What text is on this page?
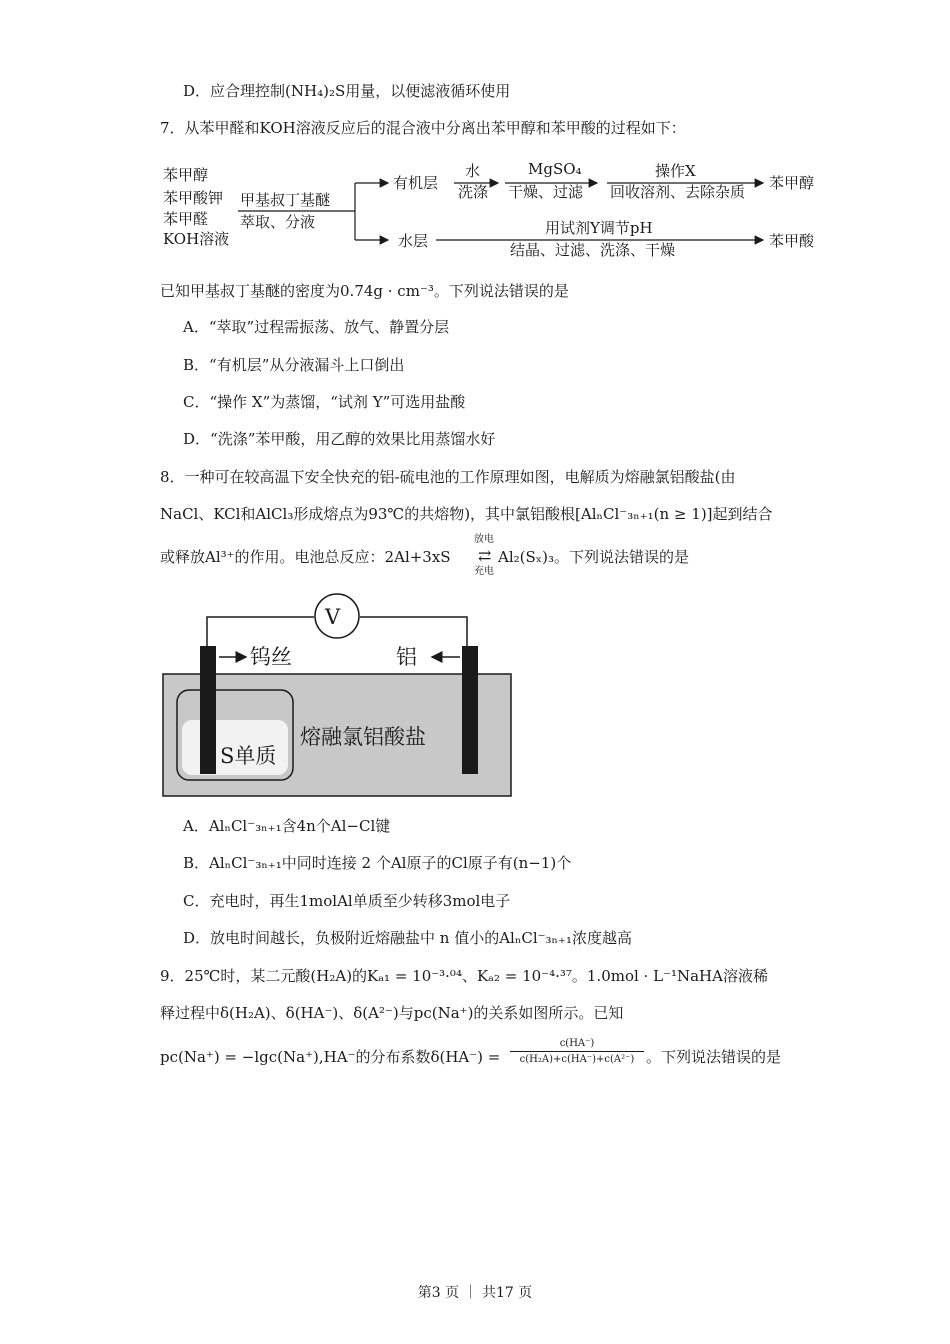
D．应合理控制(NH₄)₂S用量，以便滤液循环使用
7．从苯甲醛和KOH溶液反应后的混合液中分离出苯甲醇和苯甲酸的过程如下：
苯甲醇
苯甲酸钾
苯甲醛
KOH溶液
甲基叔丁基醚
萃取、分液
有机层
水
洗涤
MgSO₄
干燥、过滤
操作X
回收溶剂、去除杂质 苯甲醇
水层
用试剂Y调节pH
结晶、过滤、洗涤、干燥	苯甲酸
已知甲基叔丁基醚的密度为0.74g · cm⁻³。下列说法错误的是
A．“萃取”过程需振荡、放气、静置分层
B．“有机层”从分液漏斗上口倒出
C．“操作 X”为蒸馏，“试剂 Y”可选用盐酸
D．“洗涤”苯甲酸，用乙醇的效果比用蒸馏水好
8．一种可在较高温下安全快充的铝-硫电池的工作原理如图，电解质为熔融氯铝酸盐(由
NaCl、KCl和AlCl₃形成熔点为93℃的共熔物)，其中氯铝酸根[AlₙCl⁻₃ₙ₊₁(n ≥ 1)]起到结合
或释放Al³⁺的作用。电池总反应：2Al+3xS
放电
⇄
充电
Al₂(Sₓ)₃。下列说法错误的是
V
钨丝	铝
熔融氯铝酸盐
S单质
A．AlₙCl⁻₃ₙ₊₁含4n个Al−Cl键
B．AlₙCl⁻₃ₙ₊₁中同时连接 2 个Al原子的Cl原子有(n−1)个
C．充电时，再生1molAl单质至少转移3mol电子
D．放电时间越长，负极附近熔融盐中 n 值小的AlₙCl⁻₃ₙ₊₁浓度越高
9．25℃时，某二元酸(H₂A)的Kₐ₁ = 10⁻³·⁰⁴、Kₐ₂ = 10⁻⁴·³⁷。1.0mol · L⁻¹NaHA溶液稀
释过程中δ(H₂A)、δ(HA⁻)、δ(A²⁻)与pc(Na⁺)的关系如图所示。已知
pc(Na⁺) = −lgc(Na⁺),HA⁻的分布系数δ(HA⁻) =
c(HA⁻)
c(H₂A)+c(HA⁻)+c(A²⁻) 。下列说法错误的是
第3 页 ｜ 共17 页
